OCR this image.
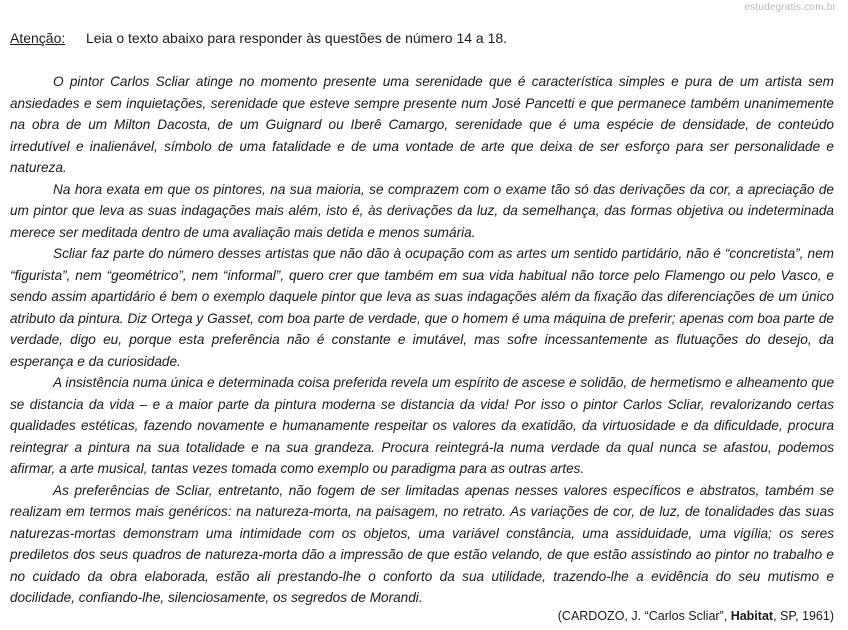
estudegratis.com.br
Atenção: Leia o texto abaixo para responder às questões de número 14 a 18.

O pintor Carlos Scliar atinge no momento presente uma serenidade que é característica simples e pura de um artista sem ansiedades e sem inquietações, serenidade que esteve sempre presente num José Pancetti e que permanece também unanimemente na obra de um Milton Dacosta, de um Guignard ou Iberê Camargo, serenidade que é uma espécie de densidade, de conteúdo irredutível e inalienável, símbolo de uma fatalidade e de uma vontade de arte que deixa de ser esforço para ser personalidade e natureza.

Na hora exata em que os pintores, na sua maioria, se comprazem com o exame tão só das derivações da cor, a apreciação de um pintor que leva as suas indagações mais além, isto é, às derivações da luz, da semelhança, das formas objetiva ou indeterminada merece ser meditada dentro de uma avaliação mais detida e menos sumária.

Scliar faz parte do número desses artistas que não dão à ocupação com as artes um sentido partidário, não é “concretista”, nem “figurista”, nem “geométrico”, nem “informal”, quero crer que também em sua vida habitual não torce pelo Flamengo ou pelo Vasco, e sendo assim apartidário é bem o exemplo daquele pintor que leva as suas indagações além da fixação das diferenciações de um único atributo da pintura. Diz Ortega y Gasset, com boa parte de verdade, que o homem é uma máquina de preferir; apenas com boa parte de verdade, digo eu, porque esta preferência não é constante e imutável, mas sofre incessantemente as flutuações do desejo, da esperança e da curiosidade.

A insistência numa única e determinada coisa preferida revela um espírito de ascese e solidão, de hermetismo e alheamento que se distancia da vida – e a maior parte da pintura moderna se distancia da vida! Por isso o pintor Carlos Scliar, revalorizando certas qualidades estéticas, fazendo novamente e humanamente respeitar os valores da exatidão, da virtuosidade e da dificuldade, procura reintegrar a pintura na sua totalidade e na sua grandeza. Procura reintegrá-la numa verdade da qual nunca se afastou, podemos afirmar, a arte musical, tantas vezes tomada como exemplo ou paradigma para as outras artes.

As preferências de Scliar, entretanto, não fogem de ser limitadas apenas nesses valores específicos e abstratos, também se realizam em termos mais genéricos: na natureza-morta, na paisagem, no retrato. As variações de cor, de luz, de tonalidades das suas naturezas-mortas demonstram uma intimidade com os objetos, uma variável constância, uma assiduidade, uma vigília; os seres prediletos dos seus quadros de natureza-morta dão a impressão de que estão velando, de que estão assistindo ao pintor no trabalho e no cuidado da obra elaborada, estão ali prestando-lhe o conforto da sua utilidade, trazendo-lhe a evidência do seu mutismo e docilidade, confiando-lhe, silenciosamente, os segredos de Morandi.

(CARDOZO, J. “Carlos Scliar”, Habitat, SP, 1961)
